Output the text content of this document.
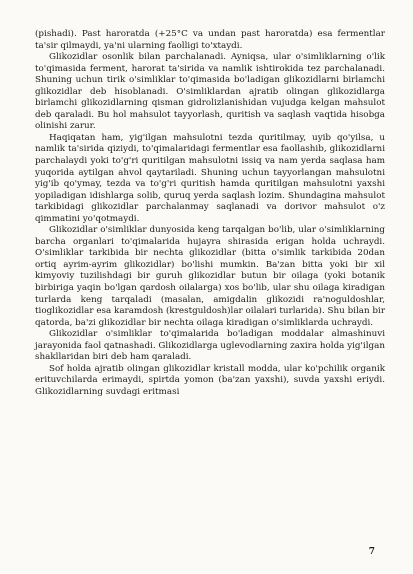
(pishadi). Past haroratda (+25°C va undan past haroratda) esa fermentlar ta'sir qilmaydi, ya'ni ularning faolligi to'xtaydi.

Glikozidlar osonlik bilan parchalanadi. Ayniqsa, ular o'simliklarning o'lik to'qimasida ferment, harorat ta'sirida va namlik ishtirokida tez parchalanadi. Shuning uchun tirik o'simliklar to'qimasida bo'ladigan glikozidlarni birlamchi glikozidlar deb hisoblanadi. O'simliklardan ajratib olingan glikozidlarga birlamchi glikozidlarning qisman gidrolizlanishidan vujudga kelgan mahsulot deb qaraladi. Bu hol mahsulot tayyorlash, quritish va saqlash vaqtida hisobga olinishi zarur.

Haqiqatan ham, yig'ilgan mahsulotni tezda quritilmay, uyib qo'yilsa, u namlik ta'sirida qiziydi, to'qimalaridagi fermentlar esa faollashib, glikozidlarni parchalaydi yoki to'g'ri quritilgan mahsulotni issiq va nam yerda saqlasa ham yuqorida aytilgan ahvol qaytariladi. Shuning uchun tayyorlangan mahsulotni yig'ib qo'ymay, tezda va to'g'ri quritish hamda quritilgan mahsulotni yaxshi yopiladigan idishlarga solib, quruq yerda saqlash lozim. Shundagina mahsulot tarkibidagi glikozidlar parchalanmay saqlanadi va dorivor mahsulot o'z qimmatini yo'qotmaydi.

Glikozidlar o'simliklar dunyosida keng tarqalgan bo'lib, ular o'simliklarning barcha organlari to'qimalarida hujayra shirasida erigan holda uchraydi. O'simliklar tarkibida bir nechta glikozidlar (bitta o'simlik tarkibida 20dan ortiq ayrim-ayrim glikozidlar) bo'lishi mumkin. Ba'zan bitta yoki bir xil kimyoviy tuzilishdagi bir guruh glikozidlar butun bir oilaga (yoki botanik birbiriga yaqin bo'lgan qardosh oilalarga) xos bo'lib, ular shu oilaga kiradigan turlarda keng tarqaladi (masalan, amigdalin glikozidi ra'noguldoshlar, tioglikozidlar esa karamdosh (krestguldosh)lar oilalari turlarida). Shu bilan bir qatorda, ba'zi glikozidlar bir nechta oilaga kiradigan o'simliklarda uchraydi.

Glikozidlar o'simliklar to'qimalarida bo'ladigan moddalar almashinuvi jarayonida faol qatnashadi. Glikozidlarga uglevodlarning zaxira holda yig'ilgan shakllaridan biri deb ham qaraladi.

Sof holda ajratib olingan glikozidlar kristall modda, ular ko'pchilik organik erituvchilarda erimaydi, spirtda yomon (ba'zan yaxshi), suvda yaxshi eriydi. Glikozidlarning suvdagi eritmasi

7
